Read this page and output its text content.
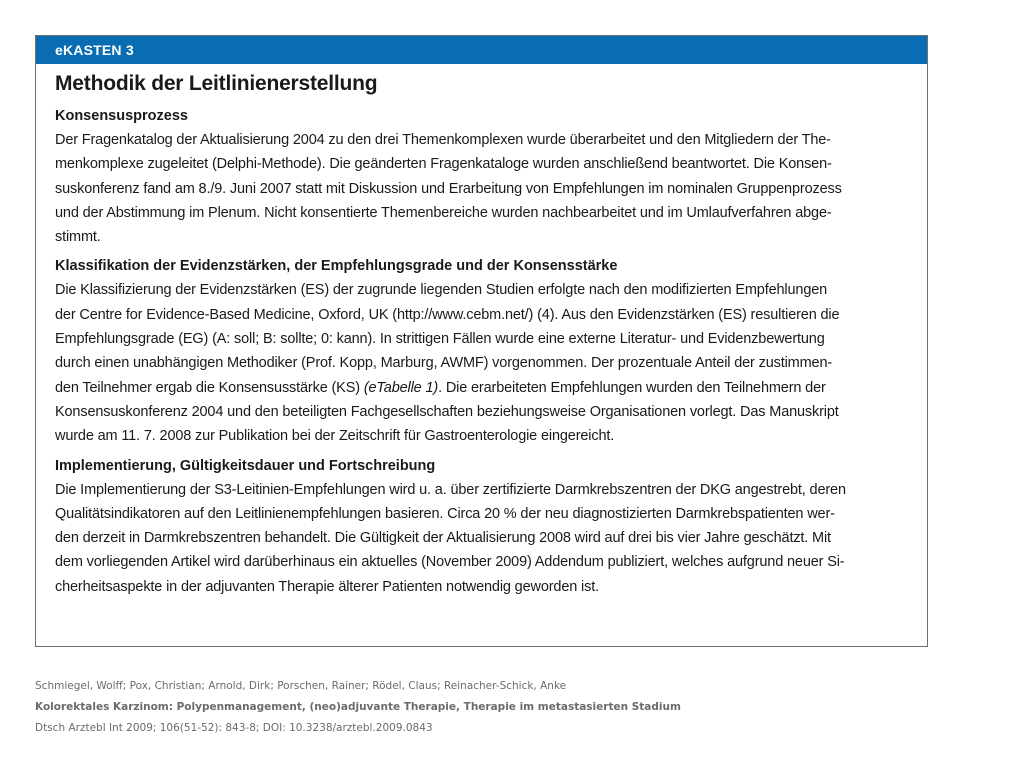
eKASTEN 3
Methodik der Leitlinienerstellung
Konsensusprozess
Der Fragenkatalog der Aktualisierung 2004 zu den drei Themenkomplexen wurde überarbeitet und den Mitgliedern der The-
menkomplexe zugeleitet (Delphi-Methode). Die geänderten Fragenkataloge wurden anschließend beantwortet. Die Konsen-
suskonferenz fand am 8./9. Juni 2007 statt mit Diskussion und Erarbeitung von Empfehlungen im nominalen Gruppenprozess
und der Abstimmung im Plenum. Nicht konsentierte Themenbereiche wurden nachbearbeitet und im Umlaufverfahren abge-
stimmt.
Klassifikation der Evidenzstärken, der Empfehlungsgrade und der Konsensstärke
Die Klassifizierung der Evidenzstärken (ES) der zugrunde liegenden Studien erfolgte nach den modifizierten Empfehlungen
der Centre for Evidence-Based Medicine, Oxford, UK (http://www.cebm.net/) (4). Aus den Evidenzstärken (ES) resultieren die
Empfehlungsgrade (EG) (A: soll; B: sollte; 0: kann). In strittigen Fällen wurde eine externe Literatur- und Evidenzbewertung
durch einen unabhängigen Methodiker (Prof. Kopp, Marburg, AWMF) vorgenommen. Der prozentuale Anteil der zustimmen-
den Teilnehmer ergab die Konsensusstärke (KS) (eTabelle 1). Die erarbeiteten Empfehlungen wurden den Teilnehmern der
Konsensuskonferenz 2004 und den beteiligten Fachgesellschaften beziehungsweise Organisationen vorlegt. Das Manuskript
wurde am 11. 7. 2008 zur Publikation bei der Zeitschrift für Gastroenterologie eingereicht.
Implementierung, Gültigkeitsdauer und Fortschreibung
Die Implementierung der S3-Leitinien-Empfehlungen wird u. a. über zertifizierte Darmkrebszentren der DKG angestrebt, deren
Qualitätsindikatoren auf den Leitlinienempfehlungen basieren. Circa 20 % der neu diagnostizierten Darmkrebspatienten wer-
den derzeit in Darmkrebszentren behandelt. Die Gültigkeit der Aktualisierung 2008 wird auf drei bis vier Jahre geschätzt. Mit
dem vorliegenden Artikel wird darüberhinaus ein aktuelles (November 2009) Addendum publiziert, welches aufgrund neuer Si-
cherheitsaspekte in der adjuvanten Therapie älterer Patienten notwendig geworden ist.
Schmiegel, Wolff; Pox, Christian; Arnold, Dirk; Porschen, Rainer; Rödel, Claus; Reinacher-Schick, Anke
Kolorektales Karzinom: Polypenmanagement, (neo)adjuvante Therapie, Therapie im metastasierten Stadium
Dtsch Arztebl Int 2009; 106(51-52): 843-8; DOI: 10.3238/arztebl.2009.0843
